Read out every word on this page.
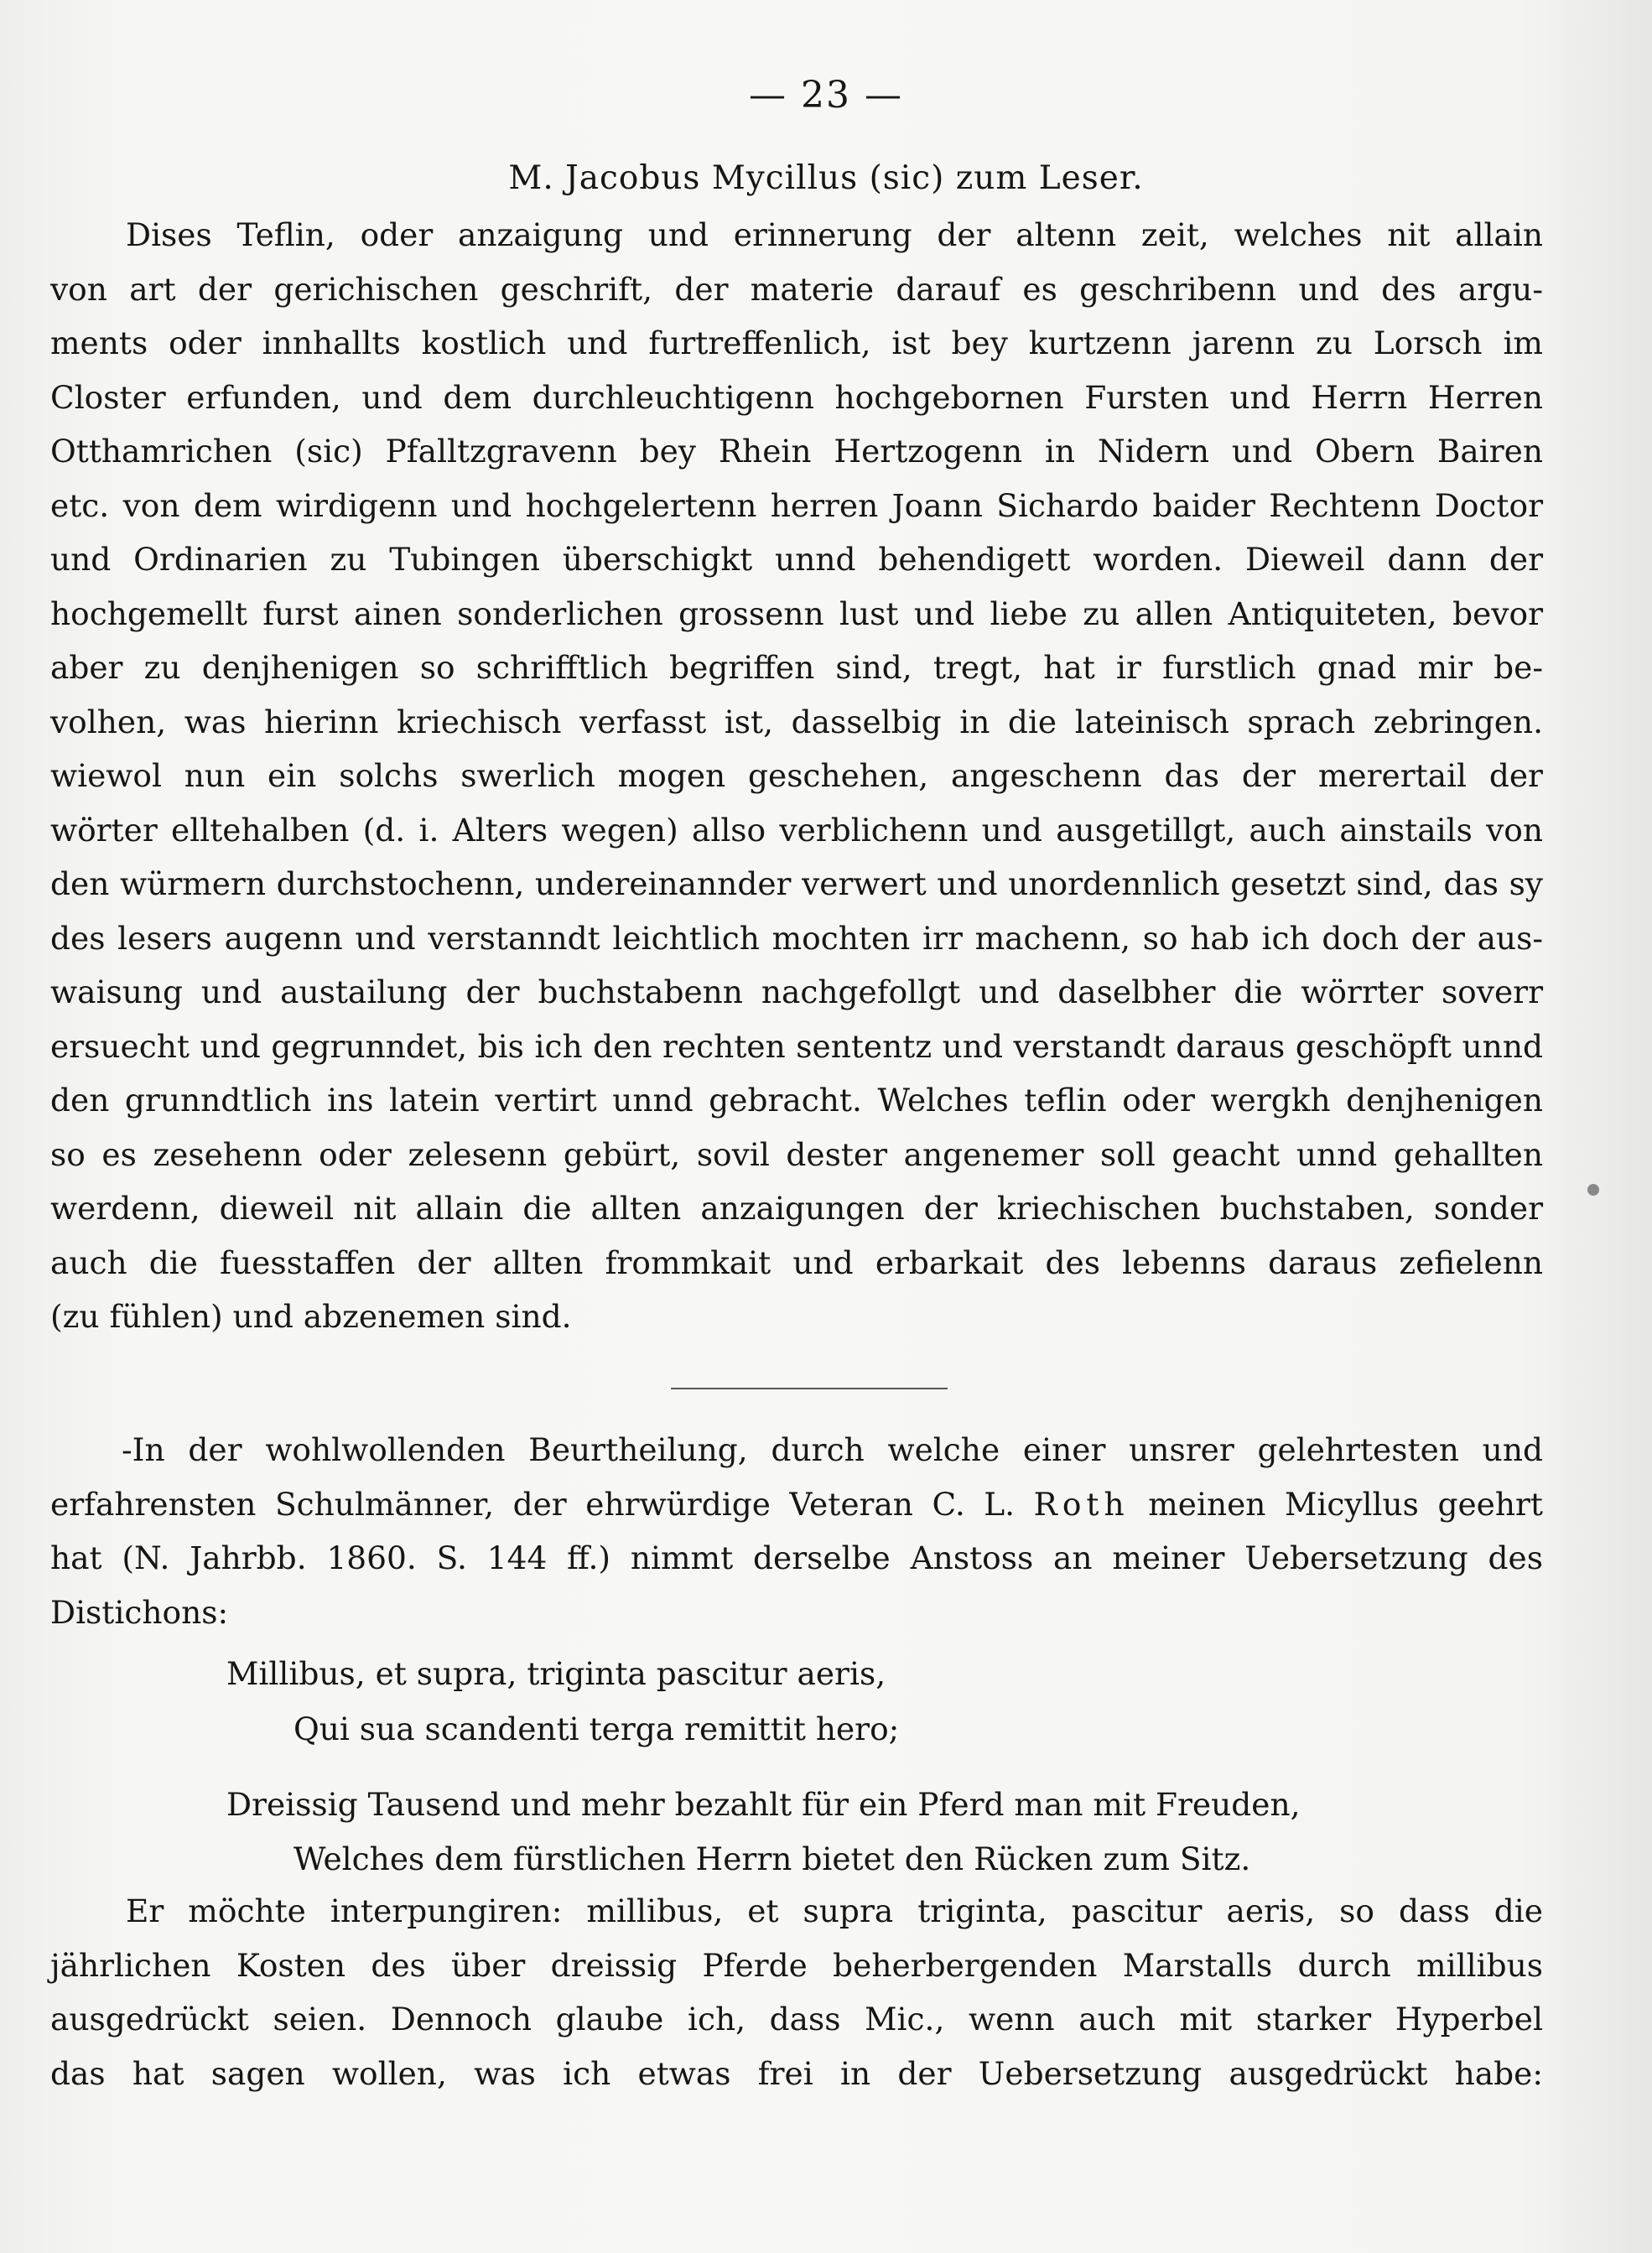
— 23 —
M. Jacobus Mycillus (sic) zum Leser.
Dises Teflin, oder anzaigung und erinnerung der altenn zeit, welches nit allain
von art der gerichischen geschrift, der materie darauf es geschribenn und des argu-
ments oder innhallts kostlich und furtreffenlich, ist bey kurtzenn jarenn zu Lorsch im
Closter erfunden, und dem durchleuchtigenn hochgebornen Fursten und Herrn Herren
Otthamrichen (sic) Pfalltzgravenn bey Rhein Hertzogenn in Nidern und Obern Bairen
etc. von dem wirdigenn und hochgelertenn herren Joann Sichardo baider Rechtenn Doctor
und Ordinarien zu Tubingen überschigkt unnd behendigett worden. Dieweil dann der
hochgemellt furst ainen sonderlichen grossenn lust und liebe zu allen Antiquiteten, bevor
aber zu denjhenigen so schrifftlich begriffen sind, tregt, hat ir furstlich gnad mir be-
volhen, was hierinn kriechisch verfasst ist, dasselbig in die lateinisch sprach zebringen.
wiewol nun ein solchs swerlich mogen geschehen, angeschenn das der merertail der
wörter elltehalben (d. i. Alters wegen) allso verblichenn und ausgetillgt, auch ainstails von
den würmern durchstochenn, undereinannder verwert und unordennlich gesetzt sind, das sy
des lesers augenn und verstanndt leichtlich mochten irr machenn, so hab ich doch der aus-
waisung und austailung der buchstabenn nachgefollgt und daselbher die wörrter soverr
ersuecht und gegrunndet, bis ich den rechten sententz und verstandt daraus geschöpft unnd
den grunndtlich ins latein vertirt unnd gebracht. Welches teflin oder wergkh denjhenigen
so es zesehenn oder zelesenn gebürt, sovil dester angenemer soll geacht unnd gehallten
werdenn, dieweil nit allain die allten anzaigungen der kriechischen buchstaben, sonder
auch die fuesstaffen der allten frommkait und erbarkait des lebenns daraus zefielenn
(zu fühlen) und abzenemen sind.
-In der wohlwollenden Beurtheilung, durch welche einer unsrer gelehrtesten und
erfahrensten Schulmänner, der ehrwürdige Veteran C. L. Roth meinen Micyllus geehrt
hat (N. Jahrbb. 1860. S. 144 ff.) nimmt derselbe Anstoss an meiner Uebersetzung des
Distichons:
Millibus, et supra, triginta pascitur aeris,
Qui sua scandenti terga remittit hero;
Dreissig Tausend und mehr bezahlt für ein Pferd man mit Freuden,
Welches dem fürstlichen Herrn bietet den Rücken zum Sitz.
Er möchte interpungiren: millibus, et supra triginta, pascitur aeris, so dass die
jährlichen Kosten des über dreissig Pferde beherbergenden Marstalls durch millibus
ausgedrückt seien. Dennoch glaube ich, dass Mic., wenn auch mit starker Hyperbel
das hat sagen wollen, was ich etwas frei in der Uebersetzung ausgedrückt habe:
